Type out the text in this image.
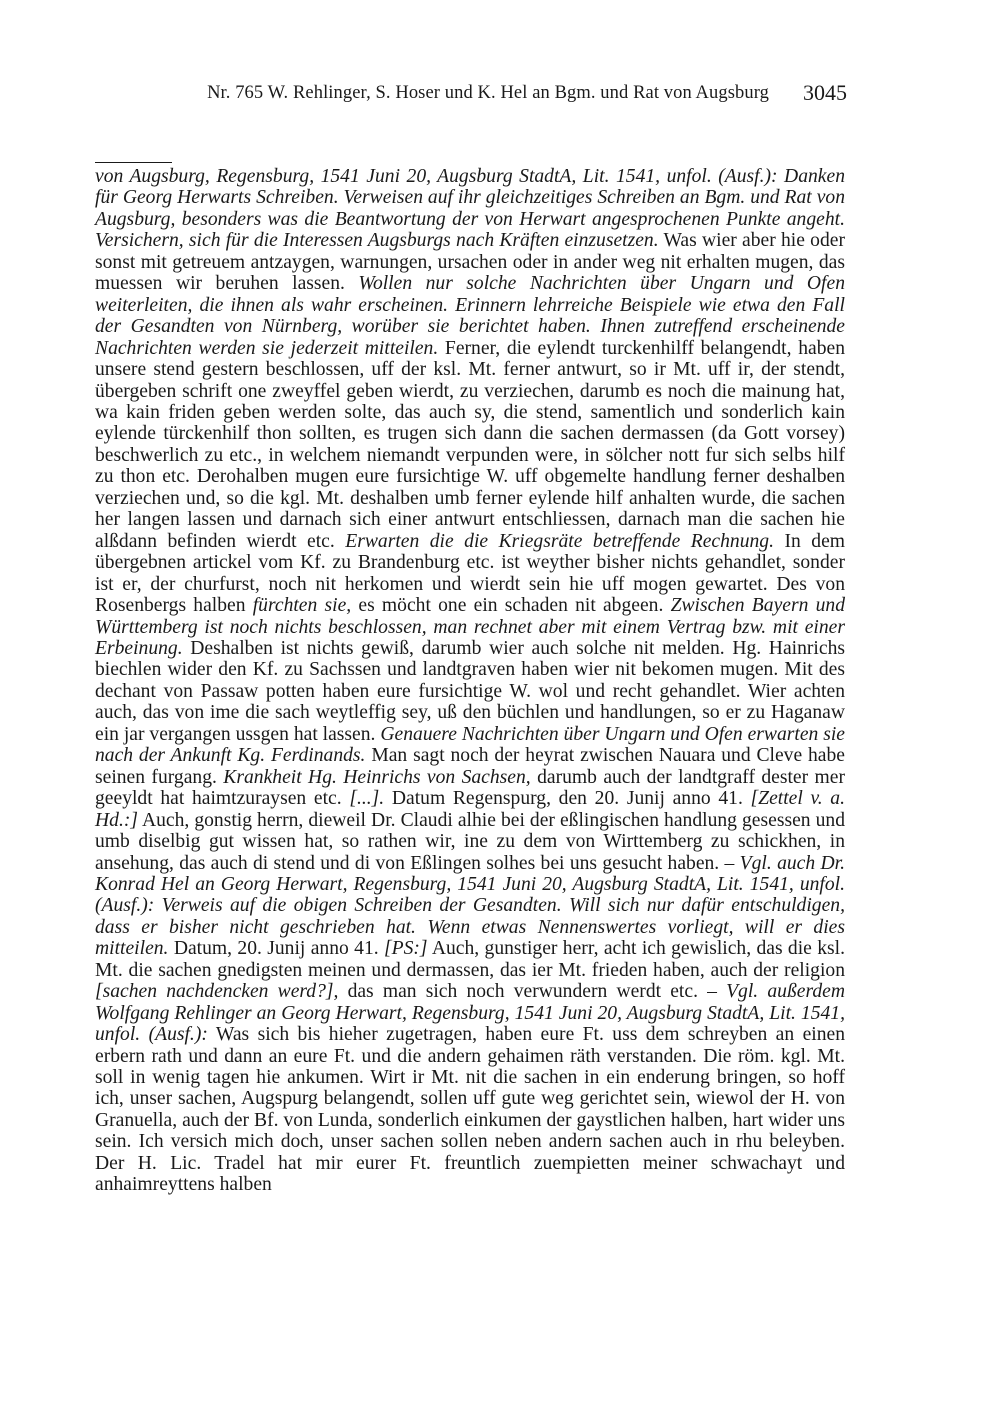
Nr. 765 W. Rehlinger, S. Hoser und K. Hel an Bgm. und Rat von Augsburg 3045

von Augsburg, Regensburg, 1541 Juni 20, Augsburg StadtA, Lit. 1541, unfol. (Ausf.): Danken für Georg Herwarts Schreiben. Verweisen auf ihr gleichzeitiges Schreiben an Bgm. und Rat von Augsburg, besonders was die Beantwortung der von Herwart angesprochenen Punkte angeht. Versichern, sich für die Interessen Augsburgs nach Kräften einzusetzen. Was wier aber hie oder sonst mit getreuem antzaygen, warnungen, ursachen oder in ander weg nit erhalten mugen, das muessen wir beruhen lassen. Wollen nur solche Nachrichten über Ungarn und Ofen weiterleiten, die ihnen als wahr erscheinen. Erinnern lehrreiche Beispiele wie etwa den Fall der Gesandten von Nürnberg, worüber sie berichtet haben. Ihnen zutreffend erscheinende Nachrichten werden sie jederzeit mitteilen. Ferner, die eylendt turckenhilff belangendt, haben unsere stend gestern beschlossen, uff der ksl. Mt. ferner antwurt, so ir Mt. uff ir, der stendt, übergeben schrift one zweyffel geben wierdt, zu verziechen, darumb es noch die mainung hat, wa kain friden geben werden solte, das auch sy, die stend, samentlich und sonderlich kain eylende türckenhilf thon sollten, es trugen sich dann die sachen dermassen (da Gott vorsey) beschwerlich zu etc., in welchem niemandt verpunden were, in sölcher nott fur sich selbs hilf zu thon etc. Derohalben mugen eure fursichtige W. uff obgemelte handlung ferner deshalben verziechen und, so die kgl. Mt. deshalben umb ferner eylende hilf anhalten wurde, die sachen her langen lassen und darnach sich einer antwurt entschliessen, darnach man die sachen hie alßdann befinden wierdt etc. Erwarten die die Kriegsräte betreffende Rechnung. In dem übergebnen artickel vom Kf. zu Brandenburg etc. ist weyther bisher nichts gehandlet, sonder ist er, der churfurst, noch nit herkomen und wierdt sein hie uff mogen gewartet. Des von Rosenbergs halben fürchten sie, es möcht one ein schaden nit abgeen. Zwischen Bayern und Württemberg ist noch nichts beschlossen, man rechnet aber mit einem Vertrag bzw. mit einer Erbeinung. Deshalben ist nichts gewiß, darumb wier auch solche nit melden. Hg. Hainrichs biechlen wider den Kf. zu Sachssen und landtgraven haben wier nit bekomen mugen. Mit des dechant von Passaw potten haben eure fursichtige W. wol und recht gehandlet. Wier achten auch, das von ime die sach weytleffig sey, uß den büchlen und handlungen, so er zu Haganaw ein jar vergangen ussgen hat lassen. Genauere Nachrichten über Ungarn und Ofen erwarten sie nach der Ankunft Kg. Ferdinands. Man sagt noch der heyrat zwischen Nauara und Cleve habe seinen furgang. Krankheit Hg. Heinrichs von Sachsen, darumb auch der landtgraff dester mer geeyldt hat haimtzuraysen etc. [...]. Datum Regenspurg, den 20. Junij anno 41. [Zettel v. a. Hd.:] Auch, gonstig herrn, dieweil Dr. Claudi alhie bei der eßlingischen handlung gesessen und umb diselbig gut wissen hat, so rathen wir, ine zu dem von Wirttemberg zu schickhen, in ansehung, das auch di stend und di von Eßlingen solhes bei uns gesucht haben. – Vgl. auch Dr. Konrad Hel an Georg Herwart, Regensburg, 1541 Juni 20, Augsburg StadtA, Lit. 1541, unfol. (Ausf.): Verweis auf die obigen Schreiben der Gesandten. Will sich nur dafür entschuldigen, dass er bisher nicht geschrieben hat. Wenn etwas Nennenswertes vorliegt, will er dies mitteilen. Datum, 20. Junij anno 41. [PS:] Auch, gunstiger herr, acht ich gewislich, das die ksl. Mt. die sachen gnedigsten meinen und dermassen, das ier Mt. frieden haben, auch der religion [sachen nachdencken werd?], das man sich noch verwundern werdt etc. – Vgl. außerdem Wolfgang Rehlinger an Georg Herwart, Regensburg, 1541 Juni 20, Augsburg StadtA, Lit. 1541, unfol. (Ausf.): Was sich bis hieher zugetragen, haben eure Ft. uss dem schreyben an einen erbern rath und dann an eure Ft. und die andern gehaimen räth verstanden. Die röm. kgl. Mt. soll in wenig tagen hie ankumen. Wirt ir Mt. nit die sachen in ein enderung bringen, so hoff ich, unser sachen, Augspurg belangendt, sollen uff gute weg gerichtet sein, wiewol der H. von Granuella, auch der Bf. von Lunda, sonderlich einkumen der gaystlichen halben, hart wider uns sein. Ich versich mich doch, unser sachen sollen neben andern sachen auch in rhu beleyben. Der H. Lic. Tradel hat mir eurer Ft. freuntlich zuempietten meiner schwachayt und anhaimreyttens halben
